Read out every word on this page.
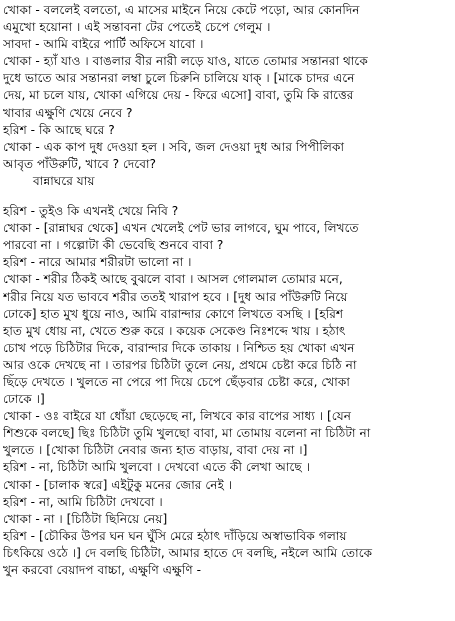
খোকা - বললেই বলতো, এ মাসের মাইনে নিয়ে কেটে পড়ো, আর কোনদিন
এমুখো হয়োনা । এই সন্তাবনা টের পেতেই চেপে গেলুম ।
সাবদা - আমি বাইরে পার্টি অফিসে যাবো ।
খোকা - হ্যাঁ যাও । বাঙলার বীর নারী লড়ে যাও, যাতে তোমার সন্তানরা থাকে
দুধে ভাতে আর সন্তানরা লম্বা চুলে চিরুনি চালিয়ে যাক্ । [মাকে চাদর এনে
দেয়, মা চলে যায়, খোকা এগিয়ে দেয় - ফিরে এসো] বাবা, তুমি কি রাত্তের
খাবার এক্ষুণি খেয়ে নেবে ?
হরিশ - কি আছে ঘরে ?
খোকা - এক কাপ দুধ দেওয়া হল । সবি, জল দেওয়া দুধ আর পিপীলিকা
আবৃত পাঁউরুটি, খাবে ? দেবো?
বান্নাঘরে যায়
হরিশ - তুইও কি এখনই খেয়ে নিবি ?
খোকা - [রান্নাঘর থেকে] এখন খেলেই পেট ভার লাগবে, ঘুম পাবে, লিখতে
পারবো না । গল্পোটা কী ভেবেছি শুনবে বাবা ?
হরিশ - নারে আমার শরীরটা ভালো না ।
খোকা - শরীর ঠিকই আছে বুঝলে বাবা । আসল গোলমাল তোমার মনে,
শরীর নিয়ে যত ভাববে শরীর ততই খারাপ হবে । [দুধ আর পাঁউরুটি নিয়ে
ঢোকে] হাত মুখ ধুয়ে নাও, আমি বারান্দার কোণে লিখতে বসছি । [হরিশ
হাত মুখ ধোয় না, খেতে শুরু করে । কয়েক সেকেণ্ড নিঃশব্দে খায় । হঠাৎ
চোখ পড়ে চিঠিটার দিকে, বারান্দার দিকে তাকায় । নিশ্চিত হয় খোকা এখন
আর ওকে দেখছে না । তারপর চিঠিটা তুলে নেয়, প্রথমে চেষ্টা করে চিঠি না
ছিঁড়ে দেখতে । খুলতে না পেরে পা দিয়ে চেপে ছেঁড়বার চেষ্টা করে, খোকা
ঢোকে ।]
খোকা - ওঃ বাইরে যা ধোঁয়া ছেড়েছে না, লিখবে কার বাপের সাধ্য । [যেন
শিশুকে বলছে] ছিঃ চিঠিটা তুমি খুলছো বাবা, মা তোমায় বলেনা না চিঠিটা না
খুলতে । [খোকা চিঠিটা নেবার জন্য হাত বাড়ায়, বাবা দেয় না ।]
হরিশ - না, চিঠিটা আমি খুলবো । দেখবো এতে কী লেখা আছে ।
খোকা - [চালাক স্বরে] এইটুকু মনের জোর নেই ।
হরিশ - না, আমি চিঠিটা দেখবো ।
খোকা - না । [চিঠিটা ছিনিয়ে নেয়]
হরিশ - [চৌকির উপর ঘন ঘন ঘুঁসি মেরে হঠাৎ দাঁড়িয়ে অস্বাভাবিক গলায়
চিৎকিয়ে ওঠে ।] দে বলছি চিঠিটা, আমার হাতে দে বলছি, নইলে আমি তোকে
খুন করবো বেয়াদপ বাচ্চা, এক্ষুণি এক্ষুণি -
